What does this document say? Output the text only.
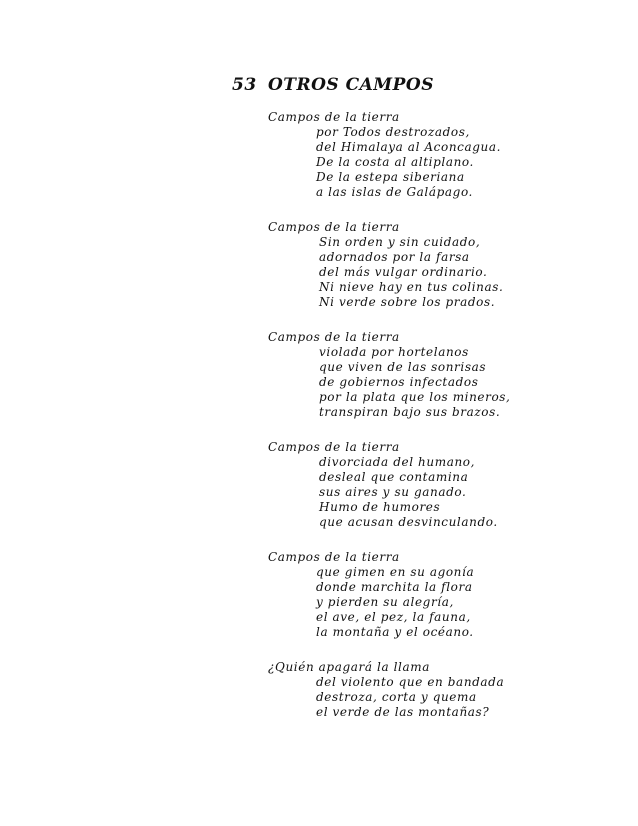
53 OTROS CAMPOS
Campos de la tierra
por Todos destrozados,
del Himalaya al Aconcagua.
De la costa al altiplano.
De la estepa siberiana
a las islas de Galápago.
Campos de la tierra
Sin orden y sin cuidado,
adornados por la farsa
del más vulgar ordinario.
Ni nieve hay en tus colinas.
Ni verde sobre los prados.
Campos de la tierra
violada por hortelanos
que viven de las sonrisas
de gobiernos infectados
por la plata que los mineros,
transpiran bajo sus brazos.
Campos de la tierra
divorciada del humano,
desleal que contamina
sus aires y su ganado.
Humo de humores
que acusan desvinculando.
Campos de la tierra
que gimen en su agonía
donde marchita la flora
y pierden su alegría,
el ave, el pez, la fauna,
la montaña y el océano.
¿Quién apagará la llama
del violento que en bandada
destroza, corta y quema
el verde de las montañas?
